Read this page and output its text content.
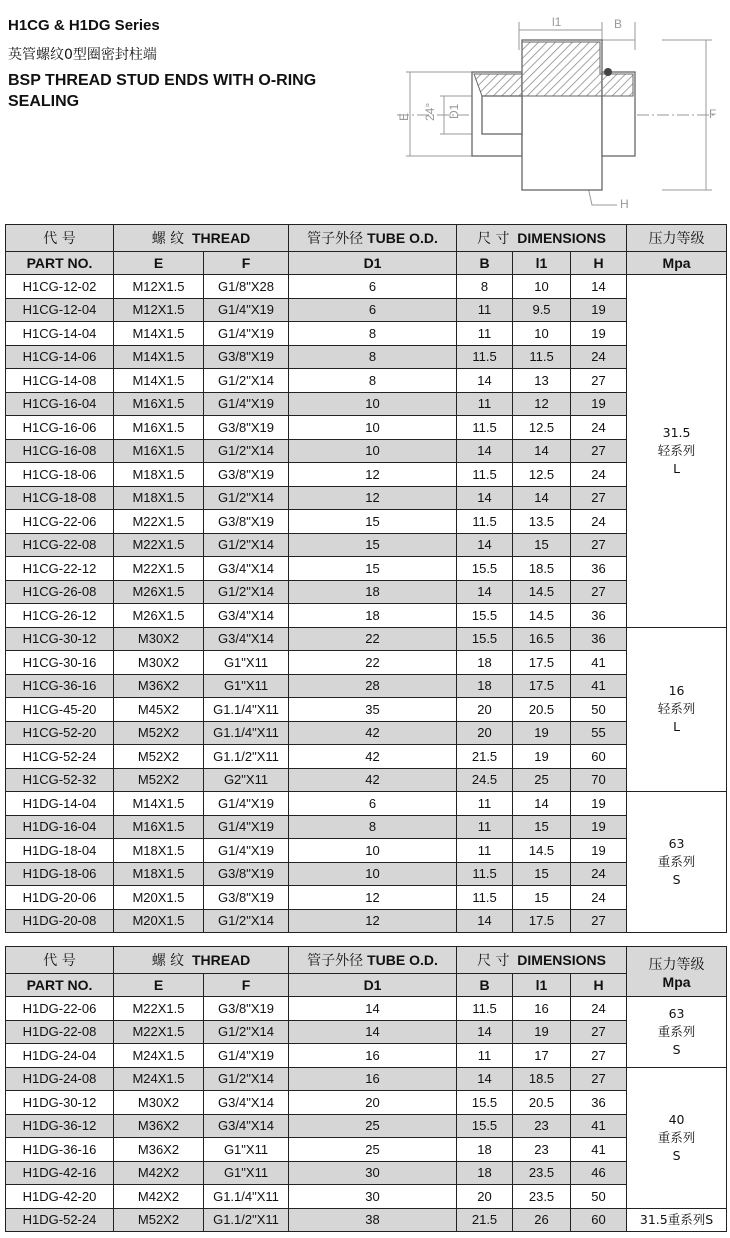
H1CG & H1DG Series
英管螺纹0型圈密封柱端
BSP THREAD STUD ENDS WITH O-RING SEALING
l1	B
E 24° D1	F
H
代 号	螺 纹 THREAD		管子外径 TUBE O.D.	尺 寸 DIMENSIONS			压力等级
PART NO.	E	F	D1	B	l1	H	Mpa
H1CG-12-02	M12X1.5	G1/8"X28	6	8	10	14	31.5
轻系列
L

H1CG-12-04	M12X1.5	G1/4"X19	6	11	9.5	19	
H1CG-14-04	M14X1.5	G1/4"X19	8	11	10	19	
H1CG-14-06	M14X1.5	G3/8"X19	8	11.5	11.5	24	
H1CG-14-08	M14X1.5	G1/2"X14	8	14	13	27	
H1CG-16-04	M16X1.5	G1/4"X19	10	11	12	19	
H1CG-16-06	M16X1.5	G3/8"X19	10	11.5	12.5	24	
H1CG-16-08	M16X1.5	G1/2"X14	10	14	14	27	
H1CG-18-06	M18X1.5	G3/8"X19	12	11.5	12.5	24	
H1CG-18-08	M18X1.5	G1/2"X14	12	14	14	27	
H1CG-22-06	M22X1.5	G3/8"X19	15	11.5	13.5	24	
H1CG-22-08	M22X1.5	G1/2"X14	15	14	15	27	
H1CG-22-12	M22X1.5	G3/4"X14	15	15.5	18.5	36	
H1CG-26-08	M26X1.5	G1/2"X14	18	14	14.5	27	
H1CG-26-12	M26X1.5	G3/4"X14	18	15.5	14.5	36	
H1CG-30-12	M30X2	G3/4"X14	22	15.5	16.5	36	16
轻系列
L

H1CG-30-16	M30X2	G1"X11	22	18	17.5	41	
H1CG-36-16	M36X2	G1"X11	28	18	17.5	41	
H1CG-45-20	M45X2	G1.1/4"X11	35	20	20.5	50	
H1CG-52-20	M52X2	G1.1/4"X11	42	20	19	55	
H1CG-52-24	M52X2	G1.1/2"X11	42	21.5	19	60	
H1CG-52-32	M52X2	G2"X11	42	24.5	25	70	
H1DG-14-04	M14X1.5	G1/4"X19	6	11	14	19	63
重系列
S

H1DG-16-04	M16X1.5	G1/4"X19	8	11	15	19	
H1DG-18-04	M18X1.5	G1/4"X19	10	11	14.5	19	
H1DG-18-06	M18X1.5	G3/8"X19	10	11.5	15	24	
H1DG-20-06	M20X1.5	G3/8"X19	12	11.5	15	24	
H1DG-20-08	M20X1.5	G1/2"X14	12	14	17.5	27	
代 号	螺 纹 THREAD		管子外径 TUBE O.D.	尺 寸 DIMENSIONS			压力等级
Mpa
PART NO.	E	F	D1	B	l1	H	
H1DG-22-06	M22X1.5	G3/8"X19	14	11.5	16	24	63
重系列
S

H1DG-22-08	M22X1.5	G1/2"X14	14	14	19	27	
H1DG-24-04	M24X1.5	G1/4"X19	16	11	17	27	
H1DG-24-08	M24X1.5	G1/2"X14	16	14	18.5	27	40
重系列
S

H1DG-30-12	M30X2	G3/4"X14	20	15.5	20.5	36	
H1DG-36-12	M36X2	G3/4"X14	25	15.5	23	41	
H1DG-36-16	M36X2	G1"X11	25	18	23	41	
H1DG-42-16	M42X2	G1"X11	30	18	23.5	46	
H1DG-42-20	M42X2	G1.1/4"X11	30	20	23.5	50	
H1DG-52-24	M52X2	G1.1/2"X11	38	21.5	26	60	31.5重系列S
